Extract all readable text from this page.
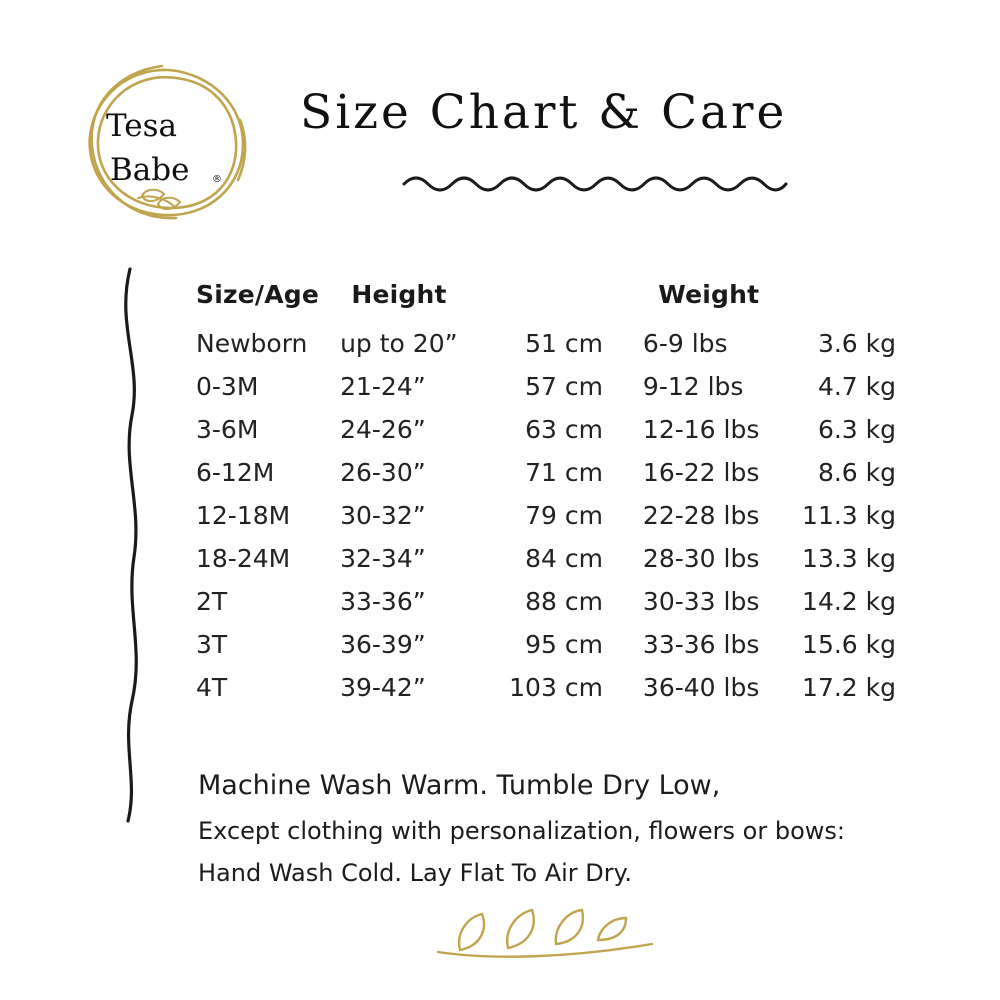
Tesa
Babe ®
Size Chart & Care
Size/Age	Height	Weight
Newborn	up to 20”	51 cm	6-9 lbs	3.6 kg
0-3M	21-24”	57 cm	9-12 lbs	4.7 kg
3-6M	24-26”	63 cm	12-16 lbs	6.3 kg
6-12M	26-30”	71 cm	16-22 lbs	8.6 kg
12-18M	30-32”	79 cm	22-28 lbs	11.3 kg
18-24M	32-34”	84 cm	28-30 lbs	13.3 kg
2T	33-36”	88 cm	30-33 lbs	14.2 kg
3T	36-39”	95 cm	33-36 lbs	15.6 kg
4T	39-42”	103 cm	36-40 lbs	17.2 kg
Machine Wash Warm. Tumble Dry Low,
Except clothing with personalization, flowers or bows:
Hand Wash Cold. Lay Flat To Air Dry.
